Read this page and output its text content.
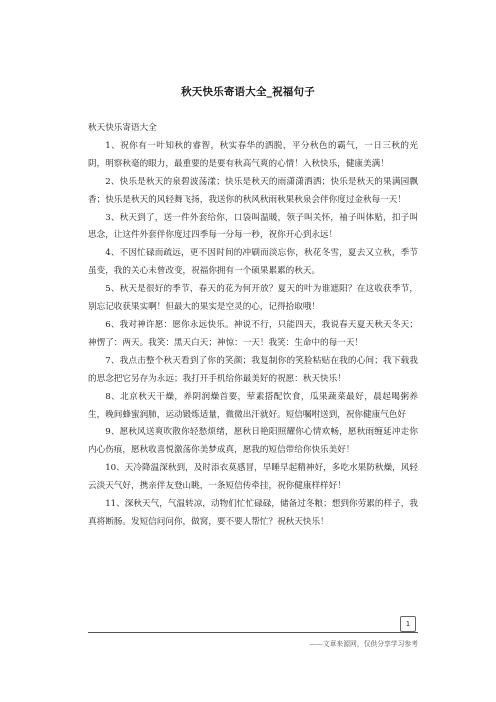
秋天快乐寄语大全_祝福句子

秋天快乐寄语大全

1、祝你有一叶知秋的睿智，秋实春华的洒脱，平分秋色的霸气，一日三秋的光阴，明察秋毫的眼力，最重要的是要有秋高气爽的心情！入秋快乐，健康美满！

2、快乐是秋天的泉碧波荡漾；快乐是秋天的雨潇潇洒洒；快乐是秋天的果满园飘香；快乐是秋天的风轻舞飞扬，我送你的秋风秋雨秋果秋泉会伴你度过金秋每一天！

3、秋天到了，送一件外套给你，口袋叫温暖，领子叫关怀，袖子叫体贴，扣子叫思念，让这件外套伴你度过四季每一分每一秒，祝你开心到永远！

4、不因忙碌而疏远，更不因时间的冲刷而淡忘你，秋花冬雪，夏去又立秋，季节虽变，我的关心未曾改变，祝福你拥有一个硕果累累的秋天。

5、秋天是很好的季节，春天的花为何开放？夏天的叶为谁遮阳？在这收获季节，别忘记收获果实啊！但最大的果实是空灵的心，记得拾取哦！

6、我对神许愿：愿你永远快乐。神说不行，只能四天，我说春天夏天秋天冬天；神愣了：两天。我笑：黑天白天；神惊：一天！我笑：生命中的每一天！

7、我点击整个秋天看到了你的笑颜；我复制你的笑脸粘贴在我的心间；我下载我的思念把它另存为永远；我打开手机给你最美好的祝愿：秋天快乐！

8、北京秋天干燥，养阴润燥首要，荤素搭配饮食，瓜果蔬菜最好，晨起喝粥养生，晚间蜂蜜润肺，运动锻炼适量，微微出汗就好。短信嘱咐送到，祝你健康气色好

9、愿秋风送爽吹散你轻愁烦绪，愿秋日艳阳照耀你心情欢畅，愿秋雨缠延冲走你内心伤痕，愿秋收喜悦激荡你美梦成真，愿我的短信带给你快乐美好！

10、天冷降温深秋到，及时添衣莫感冒，早睡早起精神好，多吃水果防秋燥，风轻云淡天气好，携亲伴友登山眺，一条短信传牵挂，祝你健康样样好！

11、深秋天气，气温转凉，动物们忙忙碌碌，储备过冬粮；想到你劳累的样子，我真将断肠。发短信问问你，做窝，要不要人帮忙？祝秋天快乐！

1
——文章来源网，仅供分享学习参考
